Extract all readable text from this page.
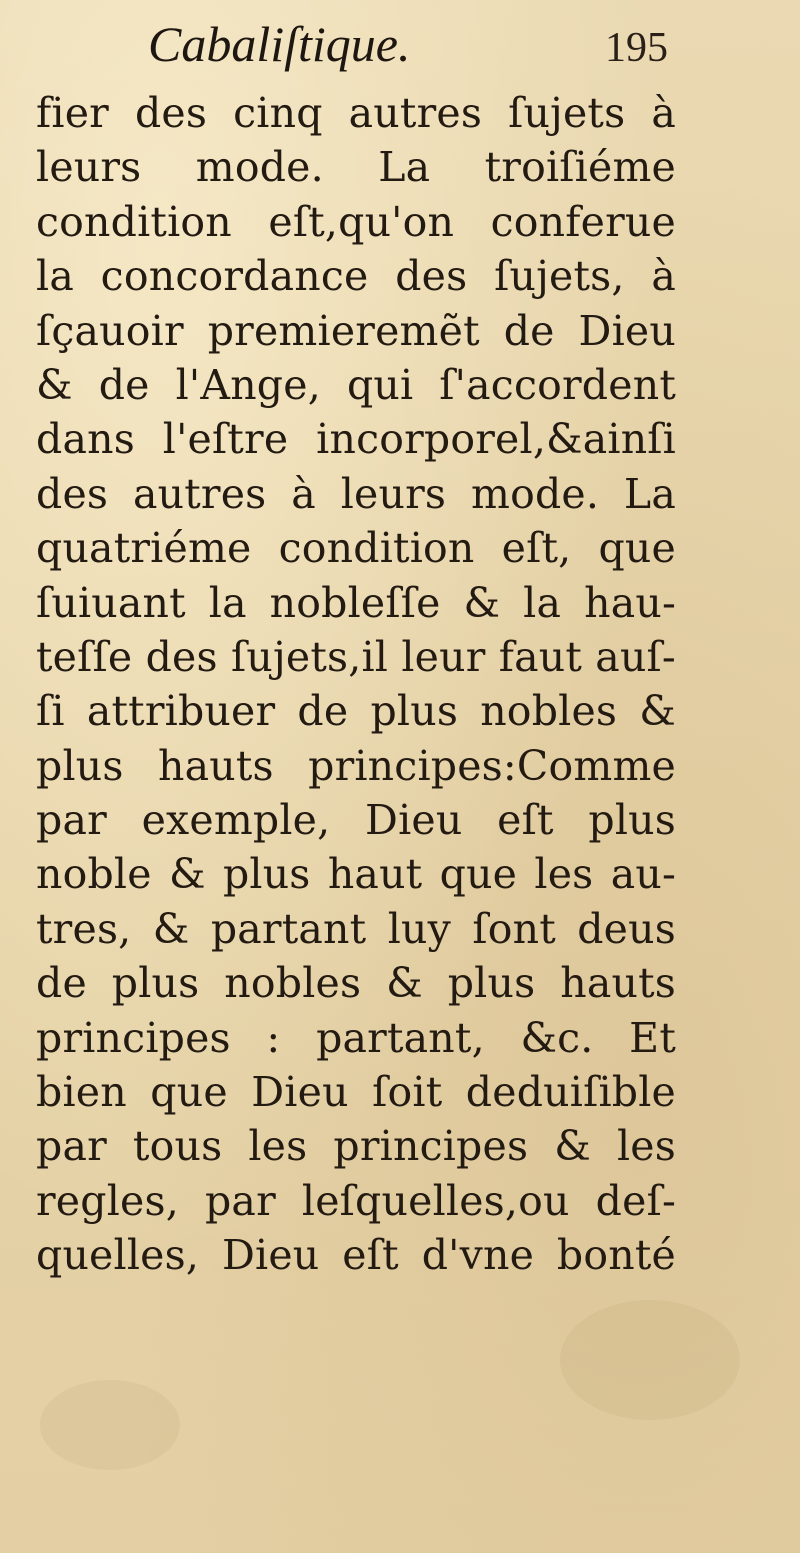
Cabaliſtique.	195
fier des cinq autres ſujets à
leurs mode. La troiſiéme
condition eſt,qu'on conferue
la concordance des ſujets, à
ſçauoir premieremẽt de Dieu
& de l'Ange, qui ſ'accordent
dans l'eſtre incorporel,&ainſi
des autres à leurs mode. La
quatriéme condition eſt, que
ſuiuant la nobleſſe & la hau-
teſſe des ſujets,il leur faut auſ-
ſi attribuer de plus nobles &
plus hauts principes:Comme
par exemple, Dieu eſt plus
noble & plus haut que les au-
tres, & partant luy ſont deus
de plus nobles & plus hauts
principes : partant, &c. Et
bien que Dieu ſoit deduiſible
par tous les principes & les
regles, par leſquelles,ou deſ-
quelles, Dieu eſt d'vne bonté
